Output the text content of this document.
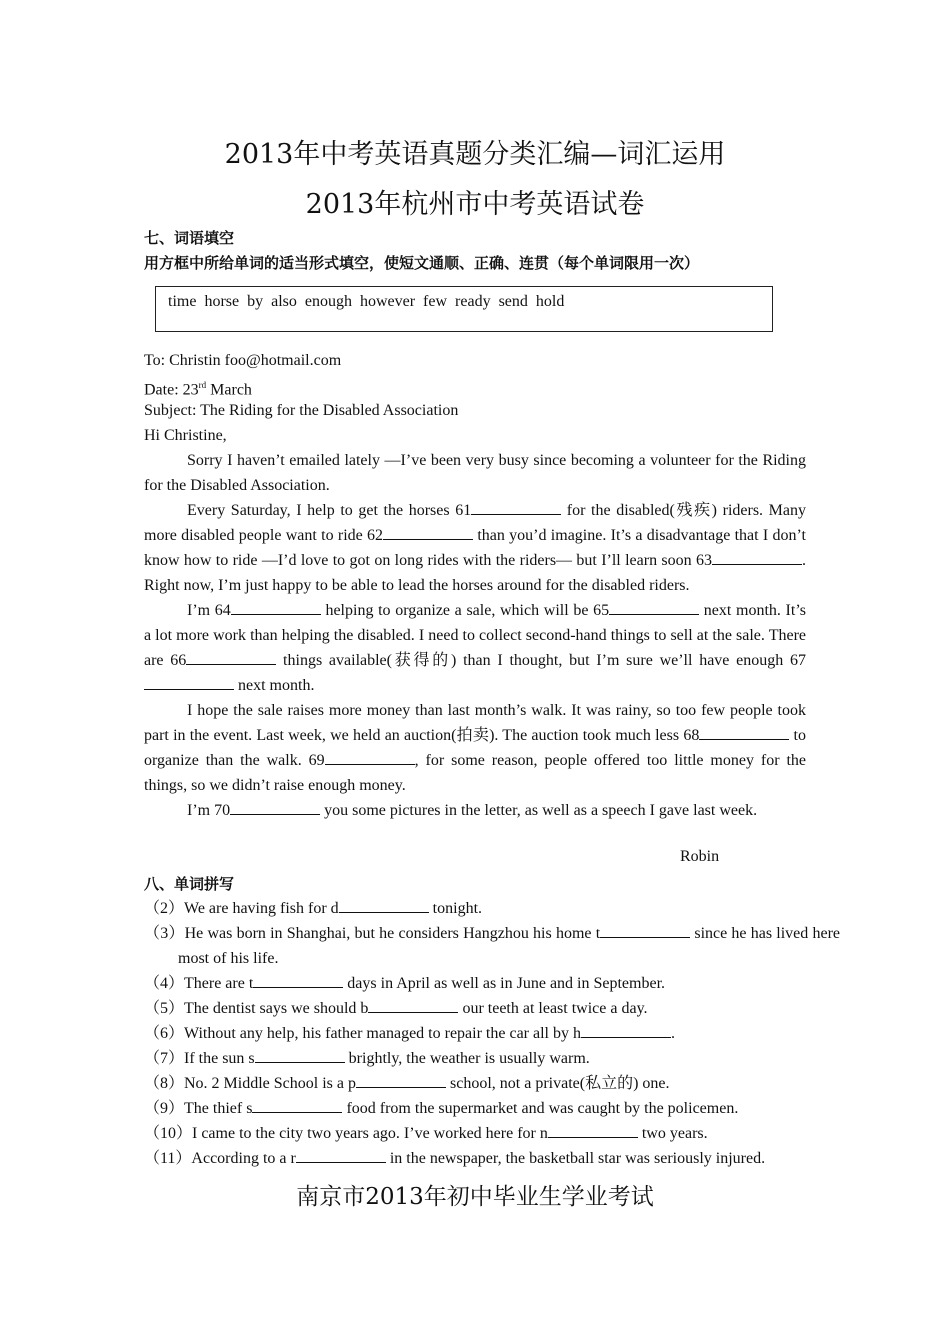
2013年中考英语真题分类汇编—词汇运用
2013年杭州市中考英语试卷
七、词语填空
用方框中所给单词的适当形式填空，使短文通顺、正确、连贯（每个单词限用一次）
time horse by also enough however few ready send hold
To: Christin foo@hotmail.com
Date: 23rd March
Subject: The Riding for the Disabled Association
Hi Christine,

Sorry I haven’t emailed lately —I’ve been very busy since becoming a volunteer for the Riding for the Disabled Association.

Every Saturday, I help to get the horses 61	for the disabled(残疾) riders. Many more disabled people want to ride 62	than you’d imagine. It’s a disadvantage that I don’t know how to ride —I’d love to got on long rides with the riders— but I’ll learn soon 63	. Right now, I’m just happy to be able to lead the horses around for the disabled riders.

I’m 64	helping to organize a sale, which will be 65	next month. It’s a lot more work than helping the disabled. I need to collect second-hand things to sell at the sale. There are 66	things available(获得的) than I thought, but I’m sure we’ll have enough 67 next month.

I hope the sale raises more money than last month’s walk. It was rainy, so too few people took part in the event. Last week, we held an auction(拍卖). The auction took much less 68	to organize than the walk. 69	, for some reason, people offered too little money for the things, so we didn’t raise enough money.

I’m 70	you some pictures in the letter, as well as a speech I gave last week.

Robin
八、单词拼写
（2）We are having fish for d	tonight.
（3）He was born in Shanghai, but he considers Hangzhou his home t	since he has lived here most of his life.
（4）There are t	days in April as well as in June and in September.
（5）The dentist says we should b	our teeth at least twice a day.
（6）Without any help, his father managed to repair the car all by h	.
（7）If the sun s	brightly, the weather is usually warm.
（8）No. 2 Middle School is a p	school, not a private(私立的) one.
（9）The thief s	food from the supermarket and was caught by the policemen.
（10）I came to the city two years ago. I’ve worked here for n	two years.
（11）According to a r	in the newspaper, the basketball star was seriously injured.
南京市2013年初中毕业生学业考试
